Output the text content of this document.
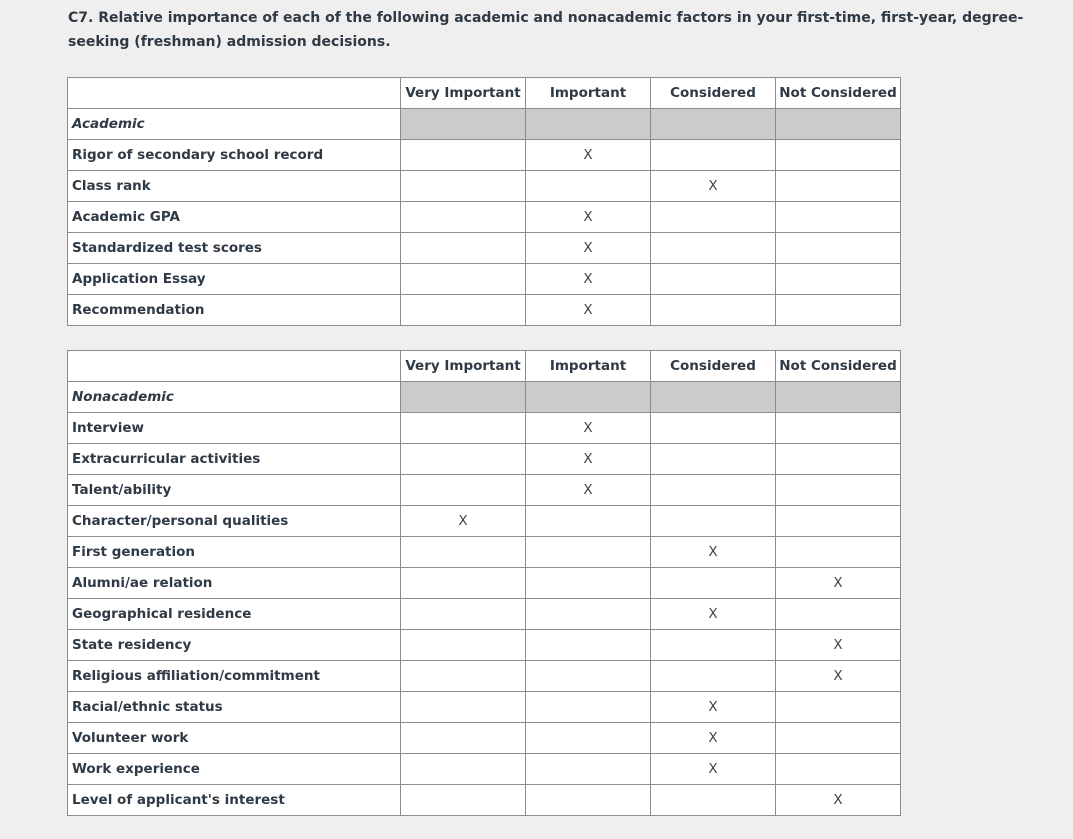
C7. Relative importance of each of the following academic and nonacademic factors in your first-time, first-year, degree-seeking (freshman) admission decisions.

	Very Important	Important	Considered	Not Considered
Academic				
Rigor of secondary school record		X		
Class rank			X	
Academic GPA		X		
Standardized test scores		X		
Application Essay		X		
Recommendation		X		
	Very Important	Important	Considered	Not Considered
Nonacademic				
Interview		X		
Extracurricular activities		X		
Talent/ability		X		
Character/personal qualities	X			
First generation			X	
Alumni/ae relation				X
Geographical residence			X	
State residency				X
Religious affiliation/commitment				X
Racial/ethnic status			X	
Volunteer work			X	
Work experience			X	
Level of applicant's interest				X
